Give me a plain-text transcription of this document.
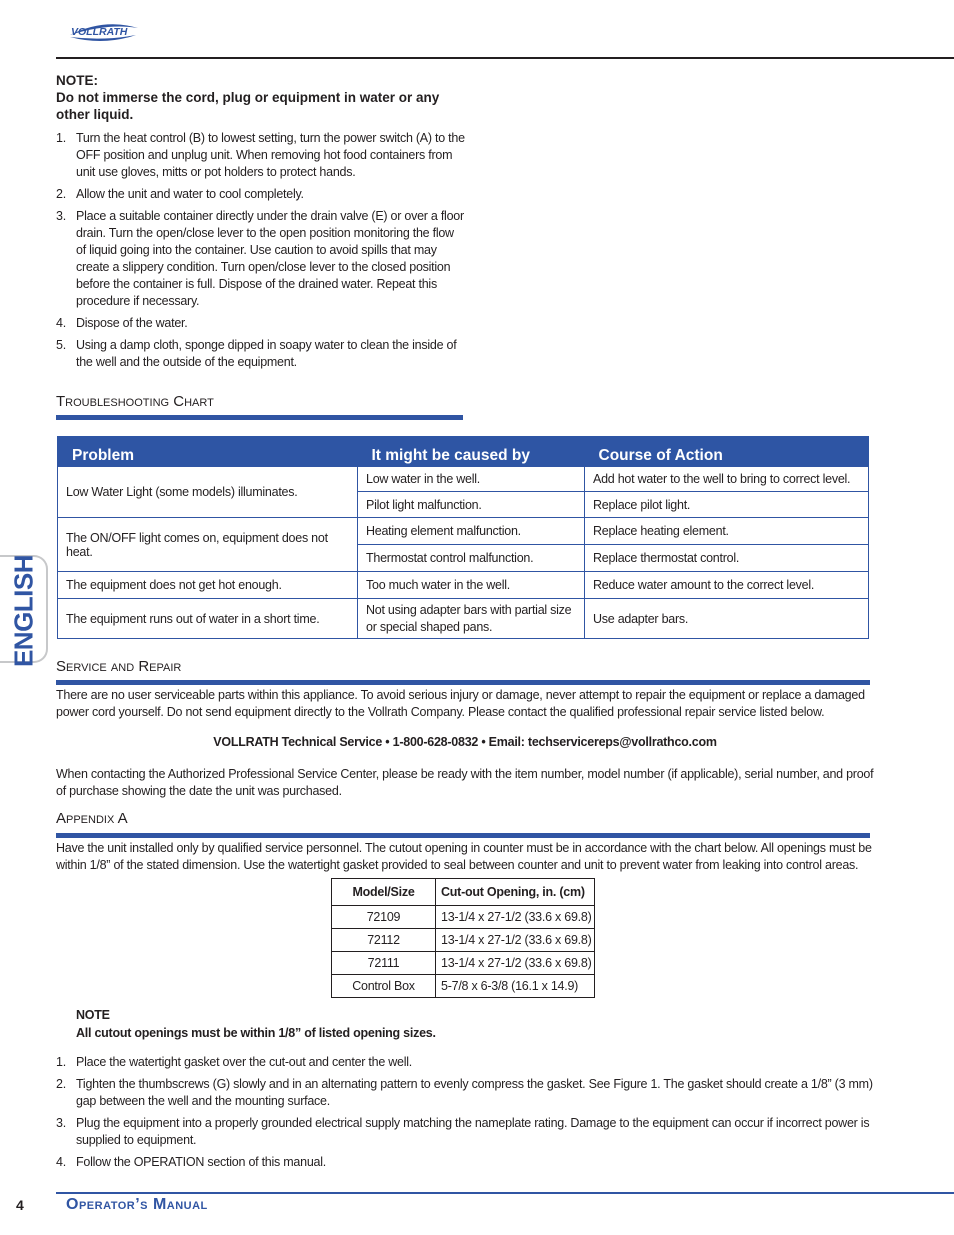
VOLLRATH
NOTE:
Do not immerse the cord, plug or equipment in water or any other liquid.
1. Turn the heat control (B) to lowest setting, turn the power switch (A) to the OFF position and unplug unit. When removing hot food containers from unit use gloves, mitts or pot holders to protect hands.
2. Allow the unit and water to cool completely.
3. Place a suitable container directly under the drain valve (E) or over a floor drain. Turn the open/close lever to the open position monitoring the flow of liquid going into the container. Use caution to avoid spills that may create a slippery condition. Turn open/close lever to the closed position before the container is full. Dispose of the drained water. Repeat this procedure if necessary.
4. Dispose of the water.
5. Using a damp cloth, sponge dipped in soapy water to clean the inside of the well and the outside of the equipment.
Troubleshooting Chart
Problem	It might be caused by	Course of Action
Low Water Light (some models) illuminates.	Low water in the well.	Add hot water to the well to bring to correct level.
	Pilot light malfunction.	Replace pilot light.
The ON/OFF light comes on, equipment does not heat.	Heating element malfunction.	Replace heating element.
	Thermostat control malfunction.	Replace thermostat control.
The equipment does not get hot enough.	Too much water in the well.	Reduce water amount to the correct level.
The equipment runs out of water in a short time.	Not using adapter bars with partial size or special shaped pans.	Use adapter bars.
ENGLISH Service and Repair
There are no user serviceable parts within this appliance. To avoid serious injury or damage, never attempt to repair the equipment or replace a damaged power cord yourself. Do not send equipment directly to the Vollrath Company. Please contact the qualified professional repair service listed below.
VOLLRATH Technical Service • 1-800-628-0832 • Email: techservicereps@vollrathco.com
When contacting the Authorized Professional Service Center, please be ready with the item number, model number (if applicable), serial number, and proof of purchase showing the date the unit was purchased.
Appendix A
Have the unit installed only by qualified service personnel. The cutout opening in counter must be in accordance with the chart below. All openings must be within 1/8” of the stated dimension. Use the watertight gasket provided to seal between counter and unit to prevent water from leaking into control areas.
Model/Size	Cut-out Opening, in. (cm)
72109	13-1/4 x 27-1/2 (33.6 x 69.8)
72112	13-1/4 x 27-1/2 (33.6 x 69.8)
72111	13-1/4 x 27-1/2 (33.6 x 69.8)
Control Box	5-7/8 x 6-3/8 (16.1 x 14.9)
NOTE
All cutout openings must be within 1/8” of listed opening sizes.
1. Place the watertight gasket over the cut-out and center the well.
2. Tighten the thumbscrews (G) slowly and in an alternating pattern to evenly compress the gasket. See Figure 1. The gasket should create a 1/8” (3 mm) gap between the well and the mounting surface.
3. Plug the equipment into a properly grounded electrical supply matching the nameplate rating. Damage to the equipment can occur if incorrect power is supplied to equipment.
4. Follow the OPERATION section of this manual.
4	Operator’s Manual
